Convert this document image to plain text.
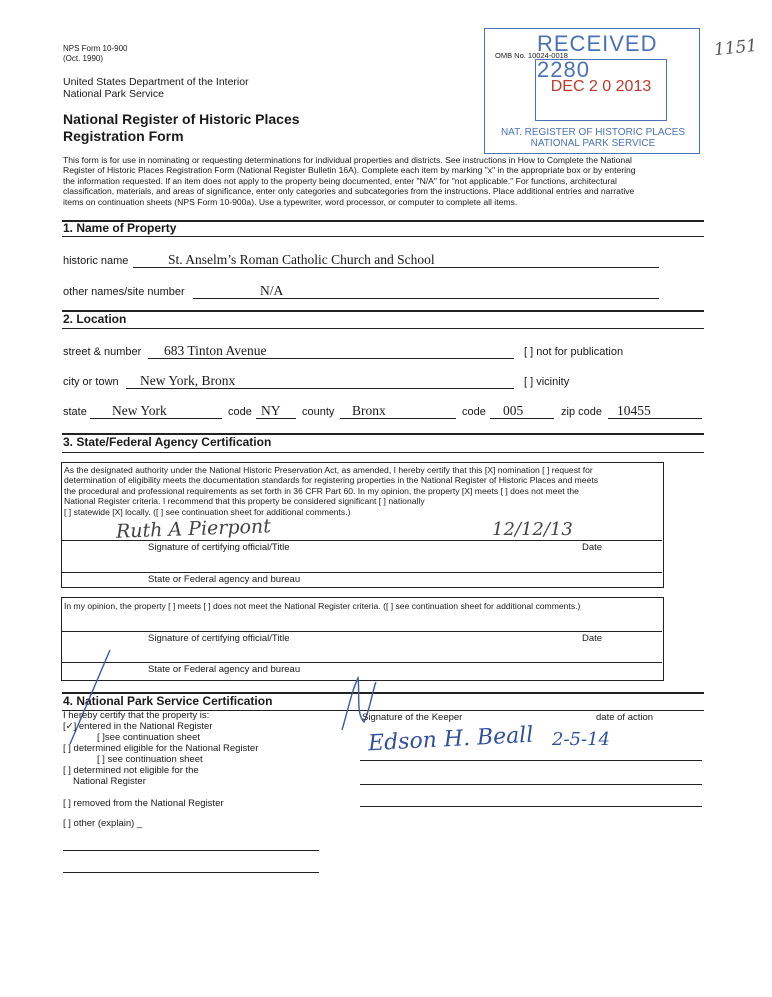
NPS Form 10-900
(Oct. 1990)
United States Department of the Interior
National Park Service
National Register of Historic Places
Registration Form
1151
RECEIVED 2280
OMB No. 10024-0018
DEC 2 0 2013
NAT. REGISTER OF HISTORIC PLACES
NATIONAL PARK SERVICE
This form is for use in nominating or requesting determinations for individual properties and districts. See instructions in How to Complete the National
Register of Historic Places Registration Form (National Register Bulletin 16A). Complete each item by marking "x" in the appropriate box or by entering
the information requested. If an item does not apply to the property being documented, enter "N/A" for "not applicable." For functions, architectural
classification, materials, and areas of significance, enter only categories and subcategories from the instructions. Place additional entries and narrative
items on continuation sheets (NPS Form 10-900a). Use a typewriter, word processor, or computer to complete all items.
1. Name of Property
historic name	St. Anselm’s Roman Catholic Church and School
other names/site number	N/A
2. Location
street & number 683 Tinton Avenue	[ ] not for publication
city or town New York, Bronx	[ ] vicinity
state New York	code NY county Bronx	code 005	zip code 10455
3. State/Federal Agency Certification
As the designated authority under the National Historic Preservation Act, as amended, I hereby certify that this [X] nomination [ ] request for
determination of eligibility meets the documentation standards for registering properties in the National Register of Historic Places and meets
the procedural and professional requirements as set forth in 36 CFR Part 60. In my opinion, the property [X] meets [ ] does not meet the
National Register criteria. I recommend that this property be considered significant [ ] nationally
[ ] statewide [X] locally. ([ ] see continuation sheet for additional comments.)
Ruth A Pierpont	12/12/13
Signature of certifying official/Title	Date
State or Federal agency and bureau
In my opinion, the property [ ] meets [ ] does not meet the National Register criteria. ([ ] see continuation sheet for additional comments.)
Signature of certifying official/Title	Date
State or Federal agency and bureau
4. National Park Service Certification
I hereby certify that the property is:
[✓] entered in the National Register
[ ]see continuation sheet
[ ] determined eligible for the National Register
[ ] see continuation sheet
[ ] determined not eligible for the
National Register
[ ] removed from the National Register
[ ] other (explain) _
Signature of the Keeper	date of action
Edson H. Beall 2-5-14
